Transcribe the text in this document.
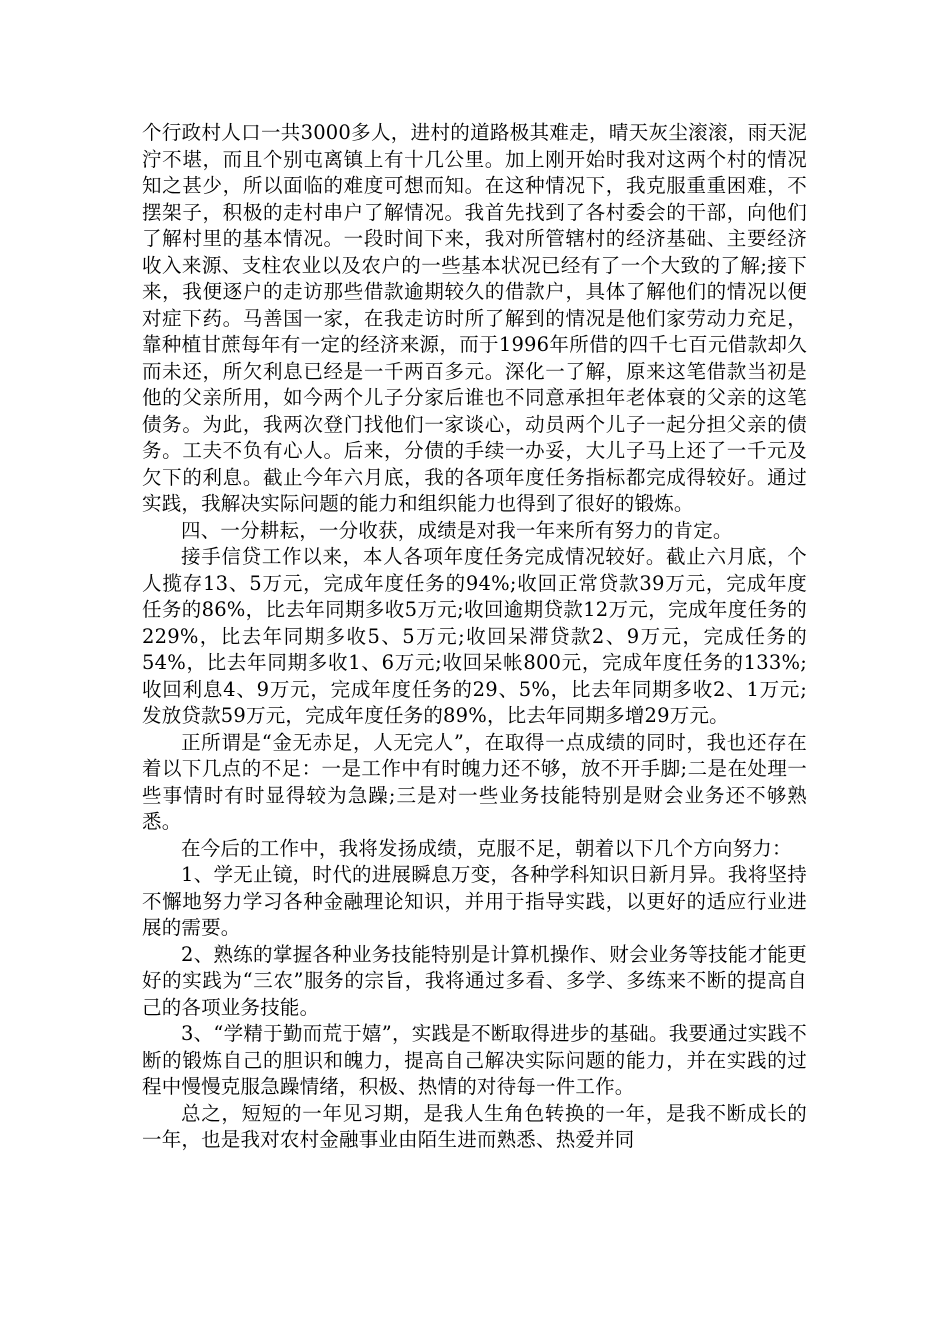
个行政村人口一共3000多人，进村的道路极其难走，晴天灰尘滚滚，雨天泥泞不堪，而且个别屯离镇上有十几公里。加上刚开始时我对这两个村的情况知之甚少，所以面临的难度可想而知。在这种情况下，我克服重重困难，不摆架子，积极的走村串户了解情况。我首先找到了各村委会的干部，向他们了解村里的基本情况。一段时间下来，我对所管辖村的经济基础、主要经济收入来源、支柱农业以及农户的一些基本状况已经有了一个大致的了解;接下来，我便逐户的走访那些借款逾期较久的借款户，具体了解他们的情况以便对症下药。马善国一家，在我走访时所了解到的情况是他们家劳动力充足，靠种植甘蔗每年有一定的经济来源，而于1996年所借的四千七百元借款却久而未还，所欠利息已经是一千两百多元。深化一了解，原来这笔借款当初是他的父亲所用，如今两个儿子分家后谁也不同意承担年老体衰的父亲的这笔债务。为此，我两次登门找他们一家谈心，动员两个儿子一起分担父亲的债务。工夫不负有心人。后来，分债的手续一办妥，大儿子马上还了一千元及欠下的利息。截止今年六月底，我的各项年度任务指标都完成得较好。通过实践，我解决实际问题的能力和组织能力也得到了很好的锻炼。

四、一分耕耘，一分收获，成绩是对我一年来所有努力的肯定。

接手信贷工作以来，本人各项年度任务完成情况较好。截止六月底，个人揽存13、5万元，完成年度任务的94%;收回正常贷款39万元，完成年度任务的86%，比去年同期多收5万元;收回逾期贷款12万元，完成年度任务的229%，比去年同期多收5、5万元;收回呆滞贷款2、9万元，完成任务的54%，比去年同期多收1、6万元;收回呆帐800元，完成年度任务的133%;收回利息4、9万元，完成年度任务的29、5%，比去年同期多收2、1万元;发放贷款59万元，完成年度任务的89%，比去年同期多增29万元。

正所谓是“金无赤足，人无完人”，在取得一点成绩的同时，我也还存在着以下几点的不足：一是工作中有时魄力还不够，放不开手脚;二是在处理一些事情时有时显得较为急躁;三是对一些业务技能特别是财会业务还不够熟悉。

在今后的工作中，我将发扬成绩，克服不足，朝着以下几个方向努力：

1、学无止镜，时代的进展瞬息万变，各种学科知识日新月异。我将坚持不懈地努力学习各种金融理论知识，并用于指导实践，以更好的适应行业进展的需要。

2、熟练的掌握各种业务技能特别是计算机操作、财会业务等技能才能更好的实践为“三农”服务的宗旨，我将通过多看、多学、多练来不断的提高自己的各项业务技能。

3、“学精于勤而荒于嬉”，实践是不断取得进步的基础。我要通过实践不断的锻炼自己的胆识和魄力，提高自己解决实际问题的能力，并在实践的过程中慢慢克服急躁情绪，积极、热情的对待每一件工作。

总之，短短的一年见习期，是我人生角色转换的一年，是我不断成长的一年，也是我对农村金融事业由陌生进而熟悉、热爱并同
